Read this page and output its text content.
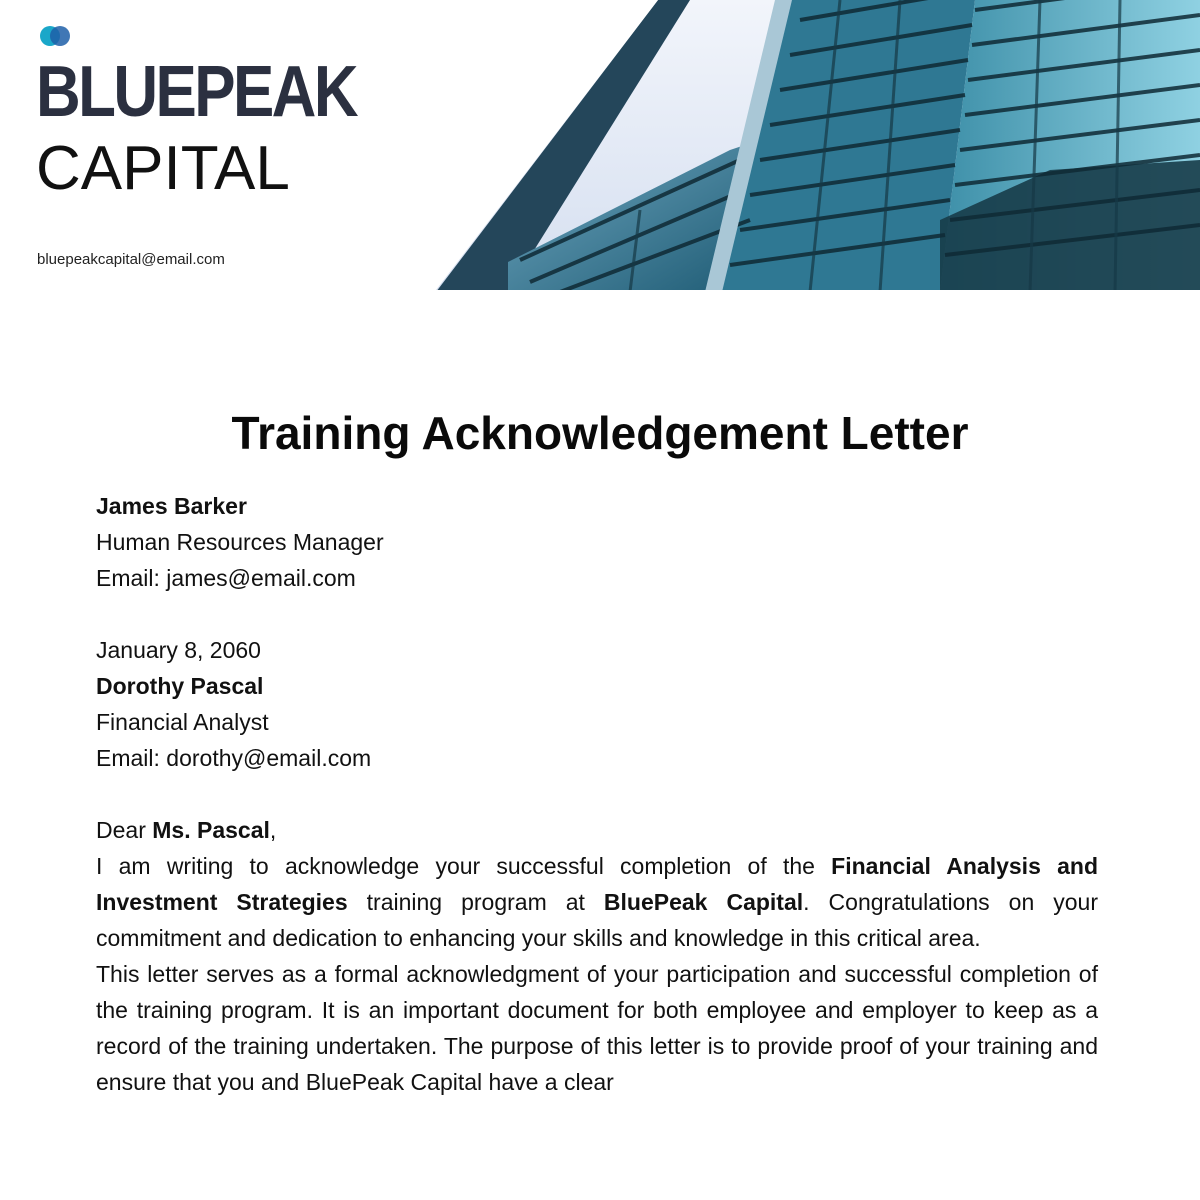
BLUEPEAK
CAPITAL
bluepeakcapital@email.com
Training Acknowledgement Letter

James Barker

Human Resources Manager

Email: james@email.com

January 8, 2060

Dorothy Pascal

Financial Analyst

Email: dorothy@email.com

Dear Ms. Pascal,

I am writing to acknowledge your successful completion of the Financial Analysis and Investment Strategies training program at BluePeak Capital. Congratulations on your commitment and dedication to enhancing your skills and knowledge in this critical area.

This letter serves as a formal acknowledgment of your participation and successful completion of the training program. It is an important document for both employee and employer to keep as a record of the training undertaken. The purpose of this letter is to provide proof of your training and ensure that you and BluePeak Capital have a clear
